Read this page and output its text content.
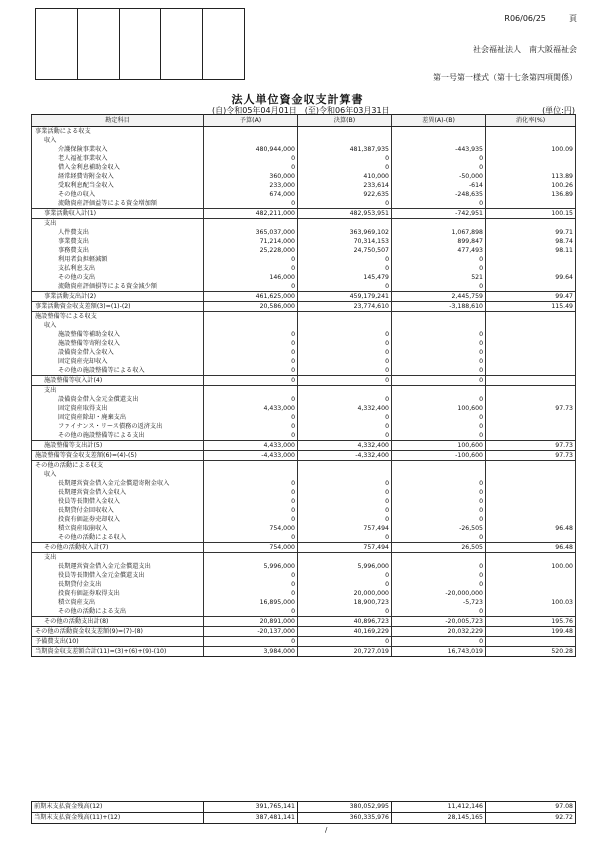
R06/06/25	頁
社会福祉法人　南大阪福祉会
第一号第一様式（第十七条第四項関係）
法人単位資金収支計算書
(自)令和05年04月01日　(至)令和06年03月31日	(単位:円)
勘定科目	予算(A)	決算(B)	差異(A)-(B)	消化率(%)
事業活動による収支				
収入				
介護保険事業収入	480,944,000	481,387,935	-443,935	100.09
老人福祉事業収入	0	0	0	
借入金利息補助金収入	0	0	0	
経常経費寄附金収入	360,000	410,000	-50,000	113.89
受取利息配当金収入	233,000	233,614	-614	100.26
その他の収入	674,000	922,635	-248,635	136.89
流動資産評価益等による資金増加額	0	0	0	
事業活動収入計(1)	482,211,000	482,953,951	-742,951	100.15
支出				
人件費支出	365,037,000	363,969,102	1,067,898	99.71
事業費支出	71,214,000	70,314,153	899,847	98.74
事務費支出	25,228,000	24,750,507	477,493	98.11
利用者負担軽減額	0	0	0	
支払利息支出	0	0	0	
その他の支出	146,000	145,479	521	99.64
流動資産評価損等による資金減少額	0	0	0	
事業活動支出計(2)	461,625,000	459,179,241	2,445,759	99.47
事業活動資金収支差額(3)=(1)-(2)	20,586,000	23,774,610	-3,188,610	115.49
施設整備等による収支				
収入				
施設整備等補助金収入	0	0	0	
施設整備等寄附金収入	0	0	0	
設備資金借入金収入	0	0	0	
固定資産売却収入	0	0	0	
その他の施設整備等による収入	0	0	0	
施設整備等収入計(4)	0	0	0	
支出				
設備資金借入金元金償還支出	0	0	0	
固定資産取得支出	4,433,000	4,332,400	100,600	97.73
固定資産除却・廃棄支出	0	0	0	
ファイナンス・リース債務の返済支出	0	0	0	
その他の施設整備等による支出	0	0	0	
施設整備等支出計(5)	4,433,000	4,332,400	100,600	97.73
施設整備等資金収支差額(6)=(4)-(5)	-4,433,000	-4,332,400	-100,600	97.73
その他の活動による収支				
収入				
長期運営資金借入金元金償還寄附金収入	0	0	0	
長期運営資金借入金収入	0	0	0	
役員等長期借入金収入	0	0	0	
長期貸付金回収収入	0	0	0	
投資有価証券売却収入	0	0	0	
積立資産取崩収入	754,000	757,494	-26,505	96.48
その他の活動による収入	0	0	0	
その他の活動収入計(7)	754,000	757,494	26,505	96.48
支出				
長期運営資金借入金元金償還支出	5,996,000	5,996,000	0	100.00
役員等長期借入金元金償還支出	0	0	0	
長期貸付金支出	0	0	0	
投資有価証券取得支出	0	20,000,000	-20,000,000	
積立資産支出	16,895,000	18,900,723	-5,723	100.03
その他の活動による支出	0	0	0	
その他の活動支出計(8)	20,891,000	40,896,723	-20,005,723	195.76
その他の活動資金収支差額(9)=(7)-(8)	-20,137,000	40,169,229	20,032,229	199.48
予備費支出(10)	0	0	0	
当期資金収支差額合計(11)=(3)+(6)+(9)-(10)	3,984,000	20,727,019	16,743,019	520.28
前期末支払資金残高(12)	391,765,141	380,052,995	11,412,146	97.08
当期末支払資金残高(11)+(12)	387,481,141	360,335,976	28,145,165	92.72
/
